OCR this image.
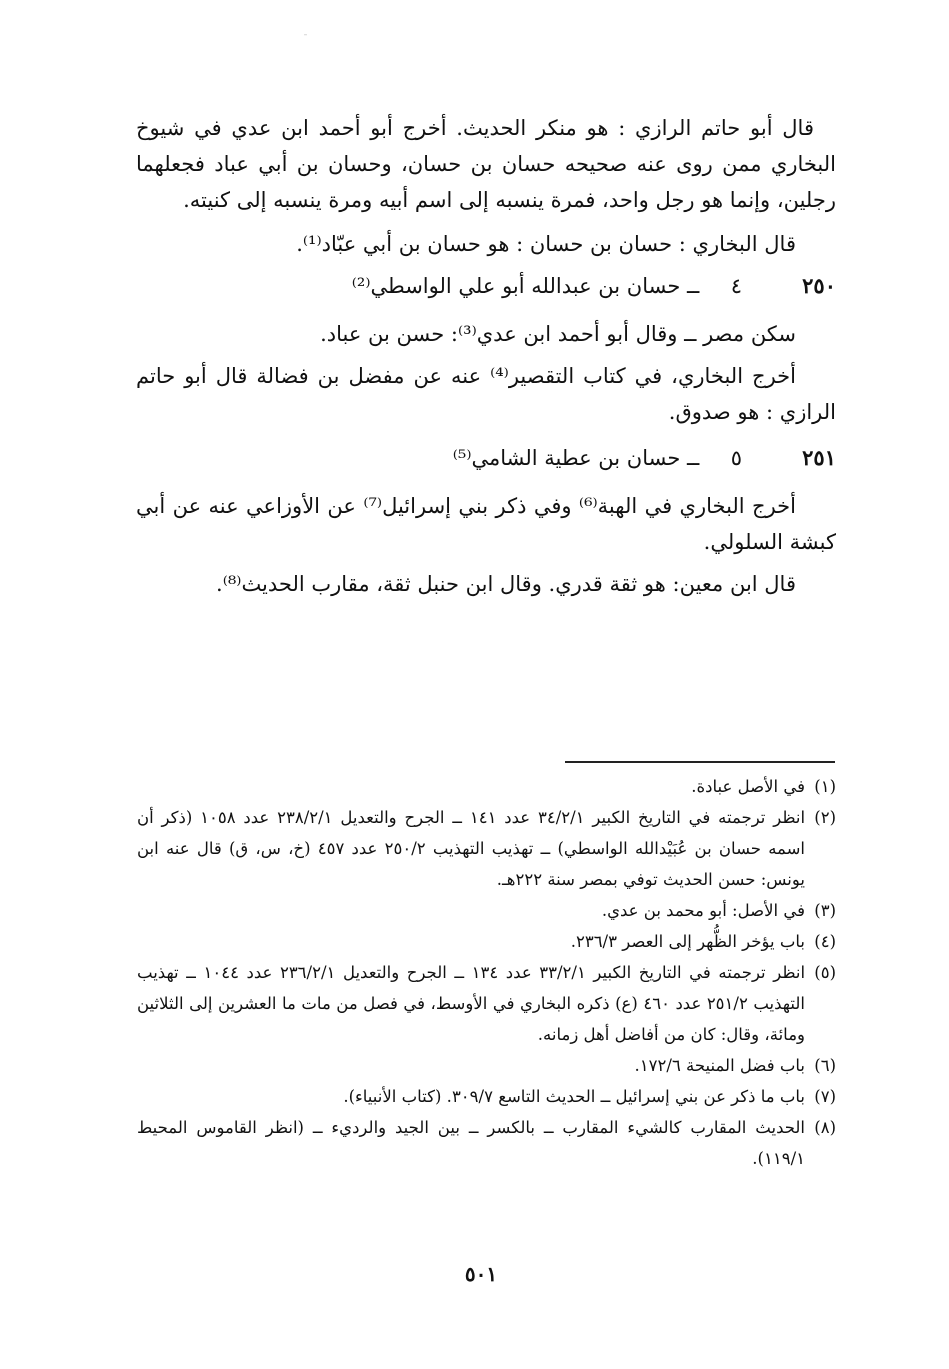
ˉ

قال أبو حاتم الرازي : هو منكر الحديث. أخرج أبو أحمد ابن عدي في شيوخ البخاري ممن روى عنه صحيحه حسان بن حسان، وحسان بن أبي عباد فجعلهما رجلين، وإنما هو رجل واحد، فمرة ينسبه إلى اسم أبيه ومرة ينسبه إلى كنيته.

قال البخاري : حسان بن حسان : هو حسان بن أبي عبّاد⁽¹⁾.

٢٥٠
٤ ــ حسان بن عبدالله أبو علي الواسطي⁽²⁾

سكن مصر ــ وقال أبو أحمد ابن عدي⁽³⁾: حسن بن عباد.

أخرج البخاري، في كتاب التقصير⁽⁴⁾ عنه عن مفضل بن فضالة قال أبو حاتم الرازي : هو صدوق.

٢٥١
٥ ــ حسان بن عطية الشامي⁽⁵⁾

أخرج البخاري في الهبة⁽⁶⁾ وفي ذكر بني إسرائيل⁽⁷⁾ عن الأوزاعي عنه عن أبي كبشة السلولي.

قال ابن معين: هو ثقة قدري. وقال ابن حنبل ثقة، مقارب الحديث⁽⁸⁾.

(١)
في الأصل عبادة.
(٢)
انظر ترجمته في التاريخ الكبير ٣٤/٢/١ عدد ١٤١ ــ الجرح والتعديل ٢٣٨/٢/١ عدد ١٠٥٨ (ذكر أن اسمه حسان بن عُبَيْدالله الواسطي) ــ تهذيب التهذيب ٢٥٠/٢ عدد ٤٥٧ (خ، س، ق) قال عنه ابن يونس: حسن الحديث توفي بمصر سنة ٢٢٢هـ.
(٣)
في الأصل: أبو محمد بن عدي.
(٤)
باب يؤخر الظُّهر إلى العصر ٢٣٦/٣.
(٥)
انظر ترجمته في التاريخ الكبير ٣٣/٢/١ عدد ١٣٤ ــ الجرح والتعديل ٢٣٦/٢/١ عدد ١٠٤٤ ــ تهذيب التهذيب ٢٥١/٢ عدد ٤٦٠ (ع) ذكره البخاري في الأوسط، في فصل من مات ما العشرين إلى الثلاثين ومائة، وقال: كان من أفاضل أهل زمانه.
(٦)
باب فضل المنيحة ١٧٢/٦.
(٧)
باب ما ذكر عن بني إسرائيل ــ الحديث التاسع ٣٠٩/٧. (كتاب الأنبياء).
(٨)
الحديث المقارب كالشيء المقارب ــ بالكسر ــ بين الجيد والرديء ــ (انظر القاموس المحيط ١١٩/١).
٥٠١
